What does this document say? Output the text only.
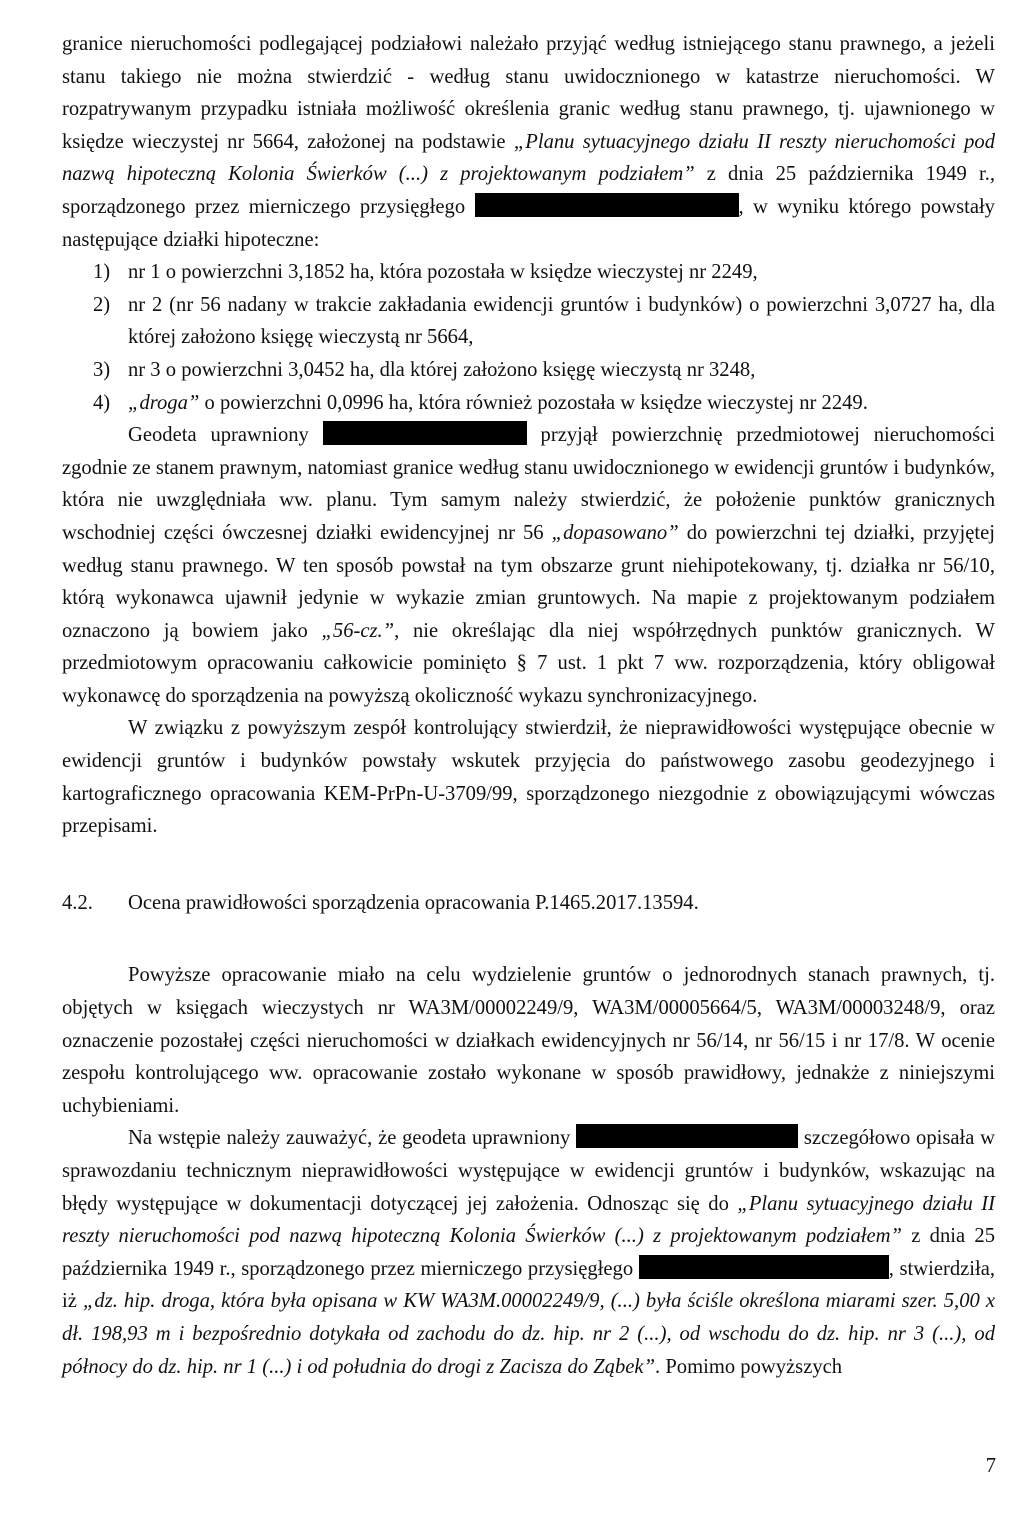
granice nieruchomości podlegającej podziałowi należało przyjąć według istniejącego stanu prawnego, a jeżeli stanu takiego nie można stwierdzić - według stanu uwidocznionego w katastrze nieruchomości. W rozpatrywanym przypadku istniała możliwość określenia granic według stanu prawnego, tj. ujawnionego w księdze wieczystej nr 5664, założonej na podstawie „Planu sytuacyjnego działu II reszty nieruchomości pod nazwą hipoteczną Kolonia Świerków (...) z projektowanym podziałem” z dnia 25 października 1949 r., sporządzonego przez mierniczego przysięgłego	, w wyniku którego powstały następujące działki hipoteczne:

1) nr 1 o powierzchni 3,1852 ha, która pozostała w księdze wieczystej nr 2249,
2) nr 2 (nr 56 nadany w trakcie zakładania ewidencji gruntów i budynków) o powierzchni 3,0727 ha, dla której założono księgę wieczystą nr 5664,
3) nr 3 o powierzchni 3,0452 ha, dla której założono księgę wieczystą nr 3248,
4) „droga” o powierzchni 0,0996 ha, która również pozostała w księdze wieczystej nr 2249.

Geodeta uprawniony	przyjął powierzchnię przedmiotowej nieruchomości zgodnie ze stanem prawnym, natomiast granice według stanu uwidocznionego w ewidencji gruntów i budynków, która nie uwzględniała ww. planu. Tym samym należy stwierdzić, że położenie punktów granicznych wschodniej części ówczesnej działki ewidencyjnej nr 56 „dopasowano” do powierzchni tej działki, przyjętej według stanu prawnego. W ten sposób powstał na tym obszarze grunt niehipotekowany, tj. działka nr 56/10, którą wykonawca ujawnił jedynie w wykazie zmian gruntowych. Na mapie z projektowanym podziałem oznaczono ją bowiem jako „56-cz.”, nie określając dla niej współrzędnych punktów granicznych. W przedmiotowym opracowaniu całkowicie pominięto § 7 ust. 1 pkt 7 ww. rozporządzenia, który obligował wykonawcę do sporządzenia na powyższą okoliczność wykazu synchronizacyjnego.

W związku z powyższym zespół kontrolujący stwierdził, że nieprawidłowości występujące obecnie w ewidencji gruntów i budynków powstały wskutek przyjęcia do państwowego zasobu geodezyjnego i kartograficznego opracowania KEM-PrPn-U-3709/99, sporządzonego niezgodnie z obowiązującymi wówczas przepisami.

4.2.	Ocena prawidłowości sporządzenia opracowania P.1465.2017.13594.

Powyższe opracowanie miało na celu wydzielenie gruntów o jednorodnych stanach prawnych, tj. objętych w księgach wieczystych nr WA3M/00002249/9, WA3M/00005664/5, WA3M/00003248/9, oraz oznaczenie pozostałej części nieruchomości w działkach ewidencyjnych nr 56/14, nr 56/15 i nr 17/8. W ocenie zespołu kontrolującego ww. opracowanie zostało wykonane w sposób prawidłowy, jednakże z niniejszymi uchybieniami.

Na wstępie należy zauważyć, że geodeta uprawniony	szczegółowo opisała w sprawozdaniu technicznym nieprawidłowości występujące w ewidencji gruntów i budynków, wskazując na błędy występujące w dokumentacji dotyczącej jej założenia. Odnosząc się do „Planu sytuacyjnego działu II reszty nieruchomości pod nazwą hipoteczną Kolonia Świerków (...) z projektowanym podziałem” z dnia 25 października 1949 r., sporządzonego przez mierniczego przysięgłego	, stwierdziła, iż „dz. hip. droga, która była opisana w KW WA3M.00002249/9, (...) była ściśle określona miarami szer. 5,00 x dł. 198,93 m i bezpośrednio dotykała od zachodu do dz. hip. nr 2 (...), od wschodu do dz. hip. nr 3 (...), od północy do dz. hip. nr 1 (...) i od południa do drogi z Zacisza do Ząbek”. Pomimo powyższych

7
